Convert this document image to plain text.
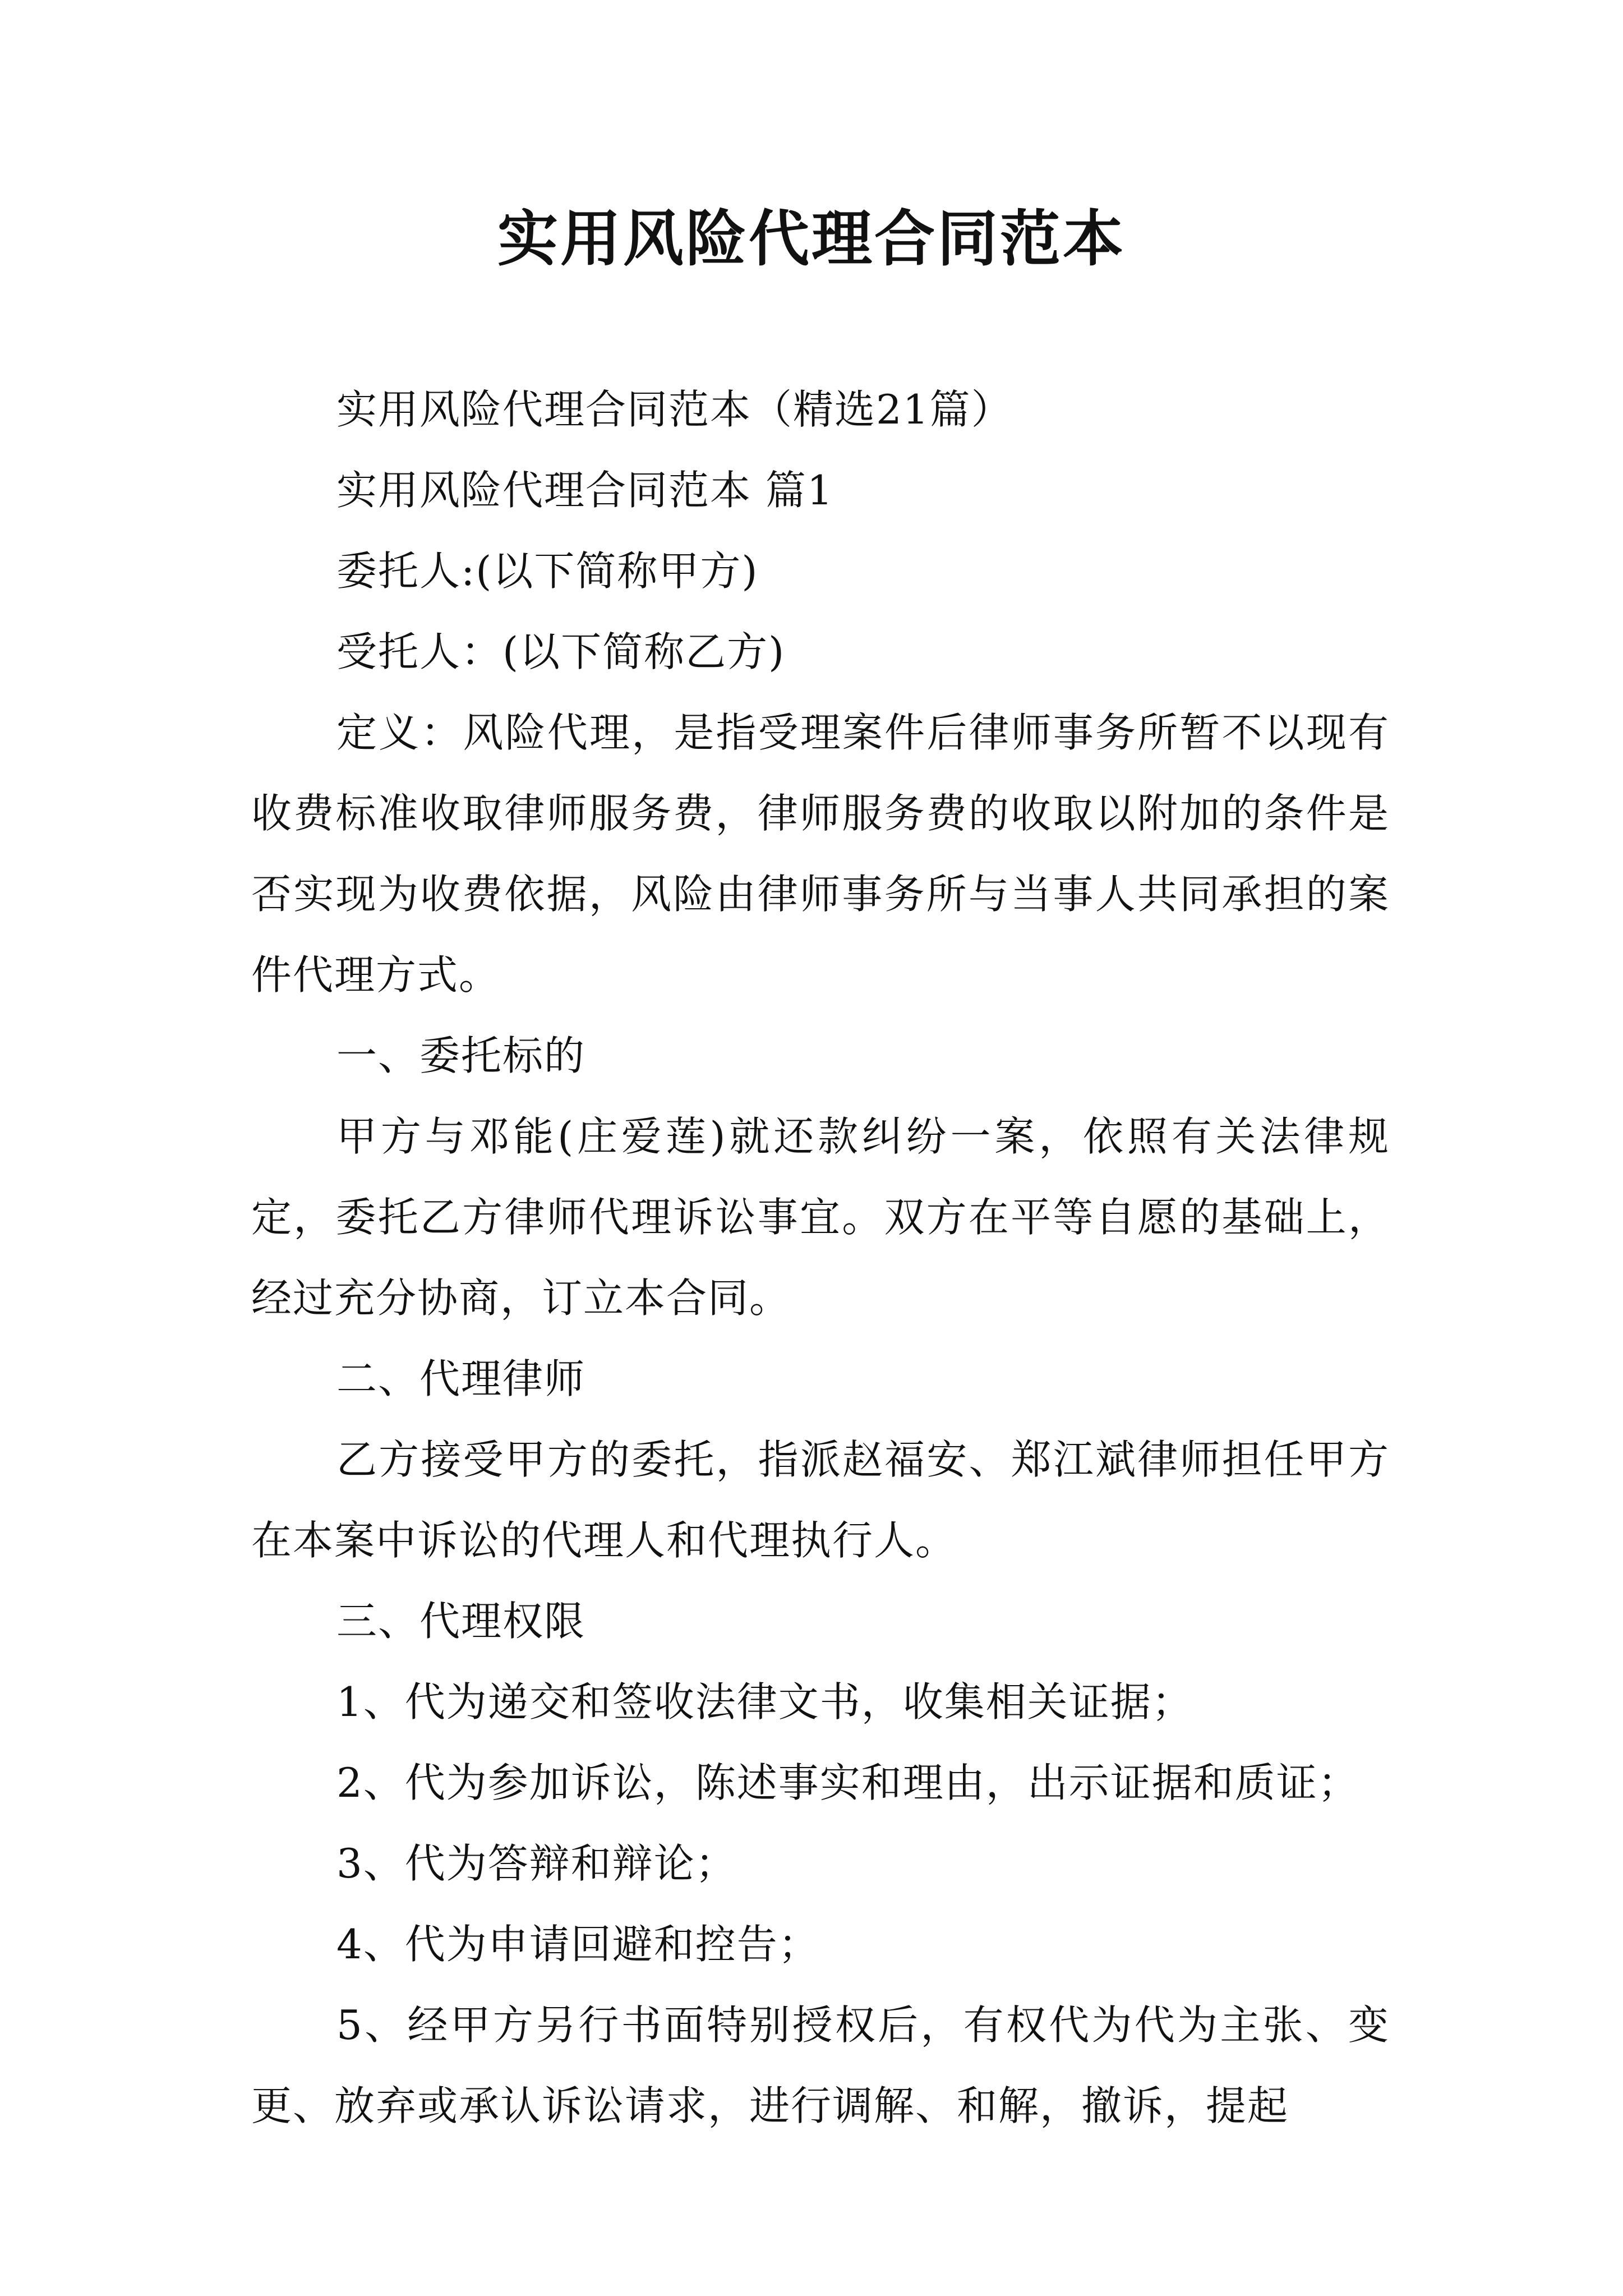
实用风险代理合同范本

实用风险代理合同范本（精选21篇）

实用风险代理合同范本 篇1

委托人:(以下简称甲方)

受托人：(以下简称乙方)

定义：风险代理，是指受理案件后律师事务所暂不以现有收费标准收取律师服务费，律师服务费的收取以附加的条件是否实现为收费依据，风险由律师事务所与当事人共同承担的案件代理方式。

一、委托标的

甲方与邓能(庄爱莲)就还款纠纷一案，依照有关法律规定，委托乙方律师代理诉讼事宜。双方在平等自愿的基础上，经过充分协商，订立本合同。

二、代理律师

乙方接受甲方的委托，指派赵福安、郑江斌律师担任甲方在本案中诉讼的代理人和代理执行人。

三、代理权限

1、代为递交和签收法律文书，收集相关证据；

2、代为参加诉讼，陈述事实和理由，出示证据和质证；

3、代为答辩和辩论；

4、代为申请回避和控告；

5、经甲方另行书面特别授权后，有权代为代为主张、变更、放弃或承认诉讼请求，进行调解、和解，撤诉，提起
